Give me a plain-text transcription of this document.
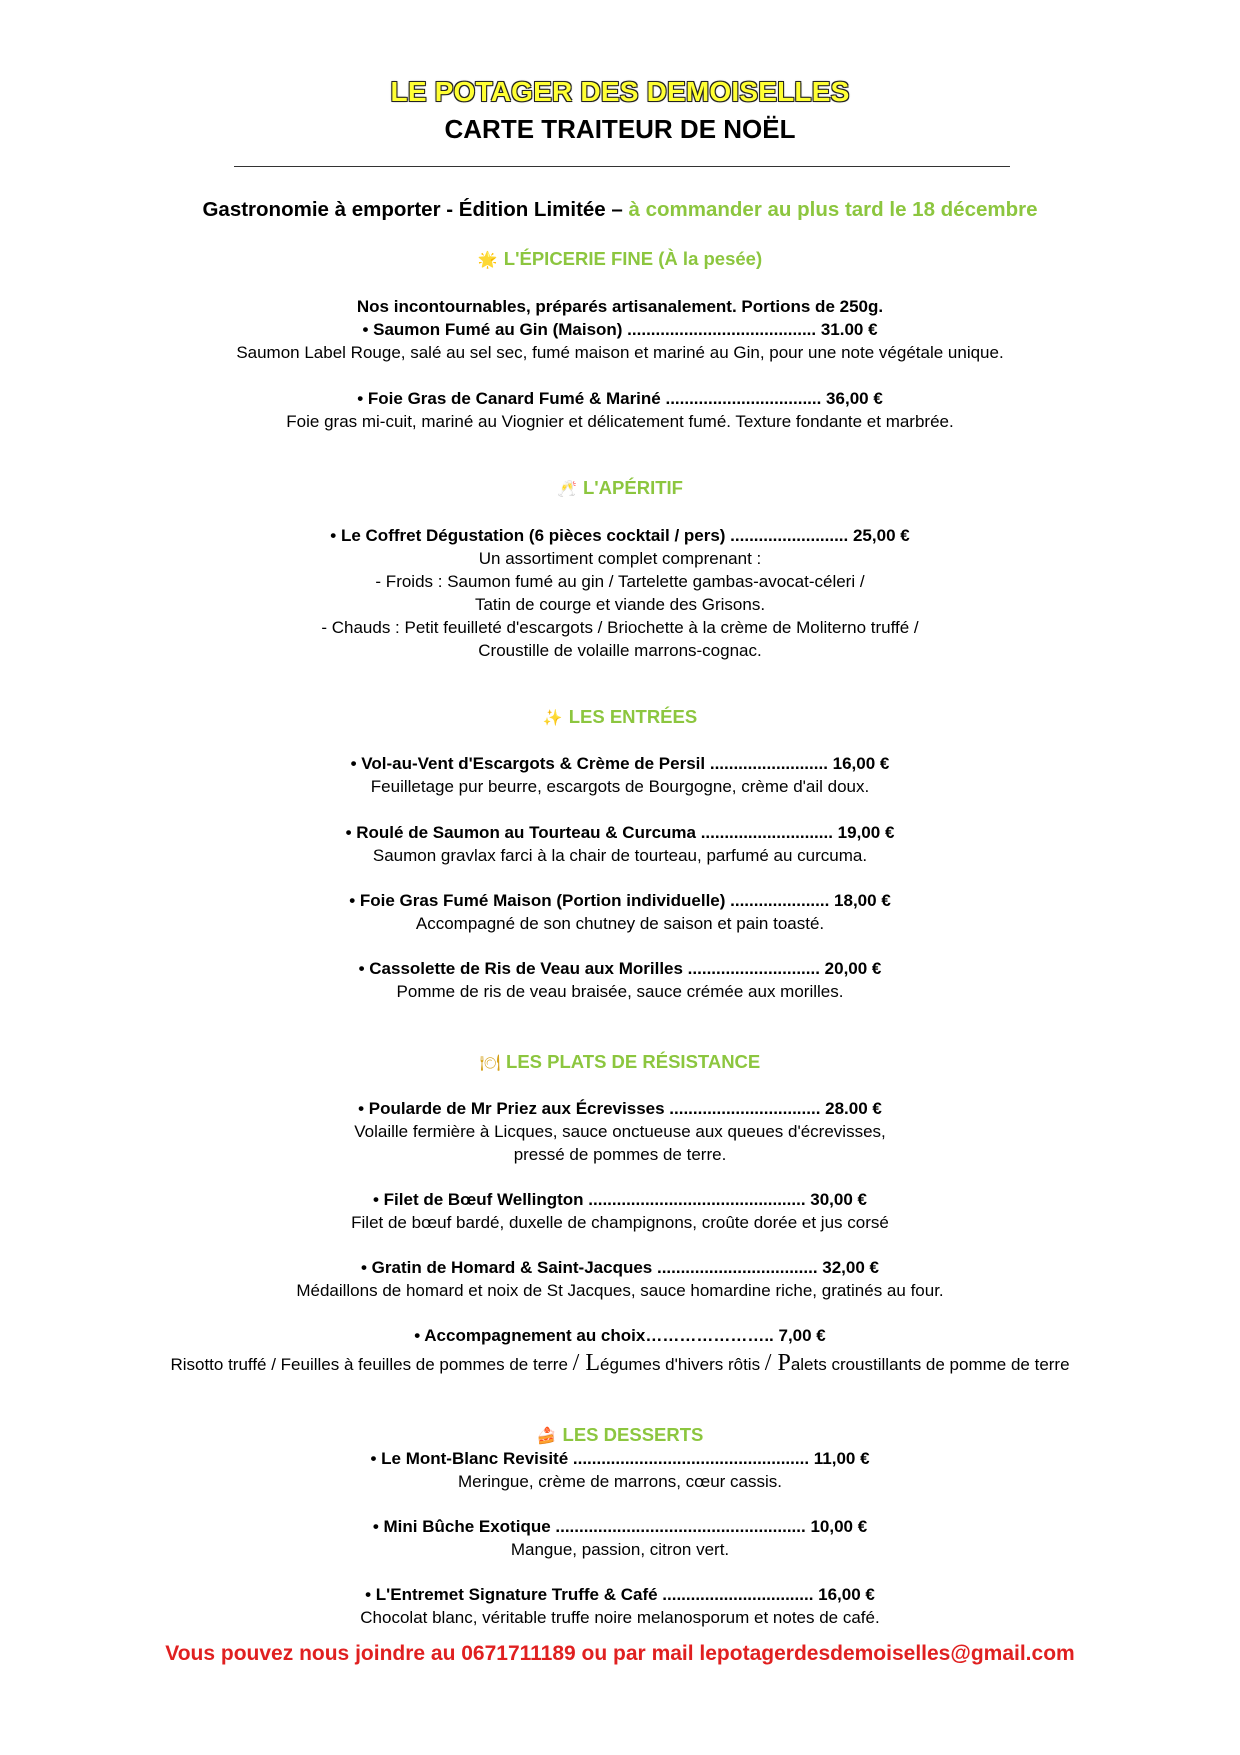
LE POTAGER DES DEMOISELLES
CARTE TRAITEUR DE NOËL
Gastronomie à emporter - Édition Limitée – à commander au plus tard le 18 décembre
🌟 L'ÉPICERIE FINE (À la pesée)
Nos incontournables, préparés artisanalement. Portions de 250g.
• Saumon Fumé au Gin (Maison) ........................................ 31.00 €
Saumon Label Rouge, salé au sel sec, fumé maison et mariné au Gin, pour une note végétale unique.
• Foie Gras de Canard Fumé & Mariné ................................. 36,00 €
Foie gras mi-cuit, mariné au Viognier et délicatement fumé. Texture fondante et marbrée.
🥂 L'APÉRITIF
• Le Coffret Dégustation (6 pièces cocktail / pers) ......................... 25,00 €
Un assortiment complet comprenant :
- Froids : Saumon fumé au gin / Tartelette gambas-avocat-céleri /
Tatin de courge et viande des Grisons.
- Chauds : Petit feuilleté d'escargots / Briochette à la crème de Moliterno truffé /
Croustille de volaille marrons-cognac.
✨ LES ENTRÉES
• Vol-au-Vent d'Escargots & Crème de Persil ......................... 16,00 €
Feuilletage pur beurre, escargots de Bourgogne, crème d'ail doux.
• Roulé de Saumon au Tourteau & Curcuma ............................ 19,00 €
Saumon gravlax farci à la chair de tourteau, parfumé au curcuma.
• Foie Gras Fumé Maison (Portion individuelle) ..................... 18,00 €
Accompagné de son chutney de saison et pain toasté.
• Cassolette de Ris de Veau aux Morilles ............................ 20,00 €
Pomme de ris de veau braisée, sauce crémée aux morilles.
🍽 LES PLATS DE RÉSISTANCE
• Poularde de Mr Priez aux Écrevisses ................................ 28.00 €
Volaille fermière à Licques, sauce onctueuse aux queues d'écrevisses,
pressé de pommes de terre.
• Filet de Bœuf Wellington .............................................. 30,00 €
Filet de bœuf bardé, duxelle de champignons, croûte dorée et jus corsé
• Gratin de Homard & Saint-Jacques .................................. 32,00 €
Médaillons de homard et noix de St Jacques, sauce homardine riche, gratinés au four.
• Accompagnement au choix………………….. 7,00 €
Risotto truffé / Feuilles à feuilles de pommes de terre / Légumes d'hivers rôtis / Palets croustillants de pomme de terre
🍰 LES DESSERTS
• Le Mont-Blanc Revisité .................................................. 11,00 €
Meringue, crème de marrons, cœur cassis.
• Mini Bûche Exotique ..................................................... 10,00 €
Mangue, passion, citron vert.
• L'Entremet Signature Truffe & Café ................................ 16,00 €
Chocolat blanc, véritable truffe noire melanosporum et notes de café.
Vous pouvez nous joindre au 0671711189 ou par mail lepotagerdesdemoiselles@gmail.com
